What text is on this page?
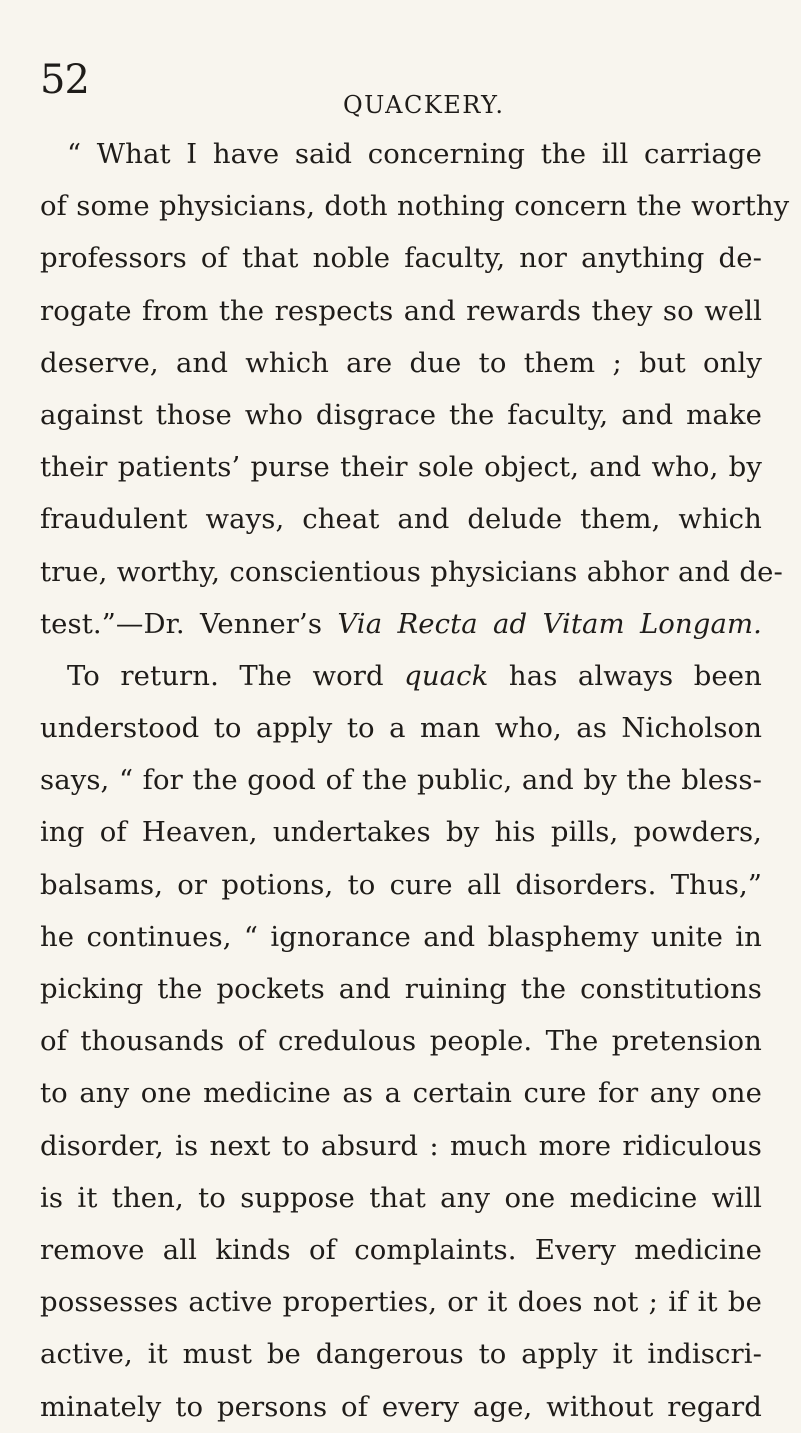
52
QUACKERY.
“ What I have said concerning the ill carriage
of some physicians, doth nothing concern the worthy
professors of that noble faculty, nor anything de-
rogate from the respects and rewards they so well
deserve, and which are due to them ; but only
against those who disgrace the faculty, and make
their patients’ purse their sole object, and who, by
fraudulent ways, cheat and delude them, which
true, worthy, conscientious physicians abhor and de-
test.”—Dr. Venner’s Via Recta ad Vitam Longam.
To return. The word quack has always been
understood to apply to a man who, as Nicholson
says, “ for the good of the public, and by the bless-
ing of Heaven, undertakes by his pills, powders,
balsams, or potions, to cure all disorders. Thus,”
he continues, “ ignorance and blasphemy unite in
picking the pockets and ruining the constitutions
of thousands of credulous people. The pretension
to any one medicine as a certain cure for any one
disorder, is next to absurd : much more ridiculous
is it then, to suppose that any one medicine will
remove all kinds of complaints. Every medicine
possesses active properties, or it does not ; if it be
active, it must be dangerous to apply it indiscri-
minately to persons of every age, without regard
